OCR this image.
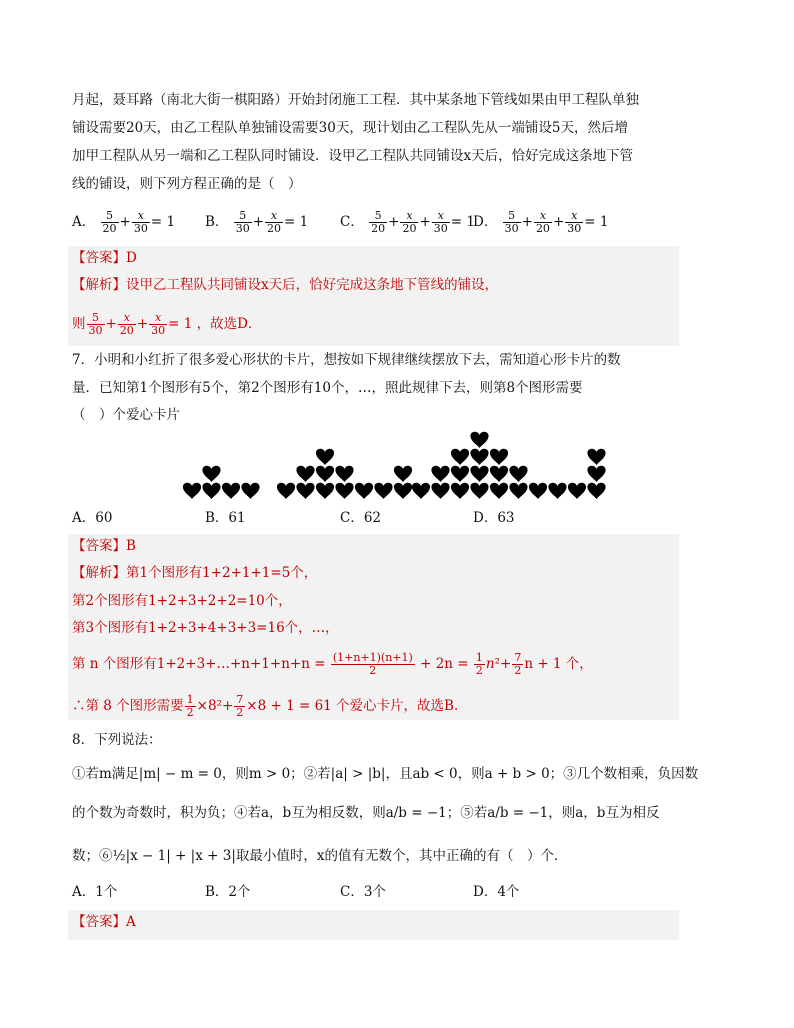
月起，聂耳路（南北大街一棋阳路）开始封闭施工工程．其中某条地下管线如果由甲工程队单独
铺设需要20天，由乙工程队单独铺设需要30天，现计划由乙工程队先从一端铺设5天，然后增
加甲工程队从另一端和乙工程队同时铺设．设甲乙工程队共同铺设x天后，恰好完成这条地下管
线的铺设，则下列方程正确的是（　）
A． $\frac{5}{20} + \frac{x}{30} = 1$ B． $\frac{5}{30} + \frac{x}{20} = 1$ C． $\frac{5}{20} + \frac{x}{20} + \frac{x}{30} = 1$
D． $\frac{5}{30} + \frac{x}{20} + \frac{x}{30} = 1$
【答案】D
【解析】设甲乙工程队共同铺设x天后，恰好完成这条地下管线的铺设，
则 $\frac{5}{30} + \frac{x}{20} + \frac{x}{30} = 1$ ，故选D．
7．小明和小红折了很多爱心形状的卡片，想按如下规律继续摆放下去，需知道心形卡片的数
量．已知第1个图形有5个，第2个图形有10个，…，照此规律下去，则第8个图形需要
（　）个爱心卡片
A．60	B．61	C．62	D．63
【答案】B
【解析】第1个图形有1+2+1+1=5个，
第2个图形有1+2+3+2+2=10个，
第3个图形有1+2+3+4+3+3=16个，…，
第 n 个图形有1+2+3+…+n+1+n+n = $\frac{(1+n+1)(n+1)}{2} + 2n = \frac{1}{2} n^2+ \frac{7}{2}$ n + 1 个，
∴第 8 个图形需要 $\frac{1}{2} \times 8^2+ \frac{7}{2} \times 8 + 1 = 61$ 个爱心卡片，故选B．
8．下列说法：
①若m满足|m| − m = 0，则m > 0；②若|a| > |b|，且ab < 0，则a + b > 0；③几个数相乘，负因数
的个数为奇数时，积为负；④若a，b互为相反数，则a/b = −1；⑤若a/b = −1，则a，b互为相反
数；⑥½|x − 1| + |x + 3|取最小值时，x的值有无数个，其中正确的有（　）个．
A．1个	B．2个	C．3个	D．4个
【答案】A
